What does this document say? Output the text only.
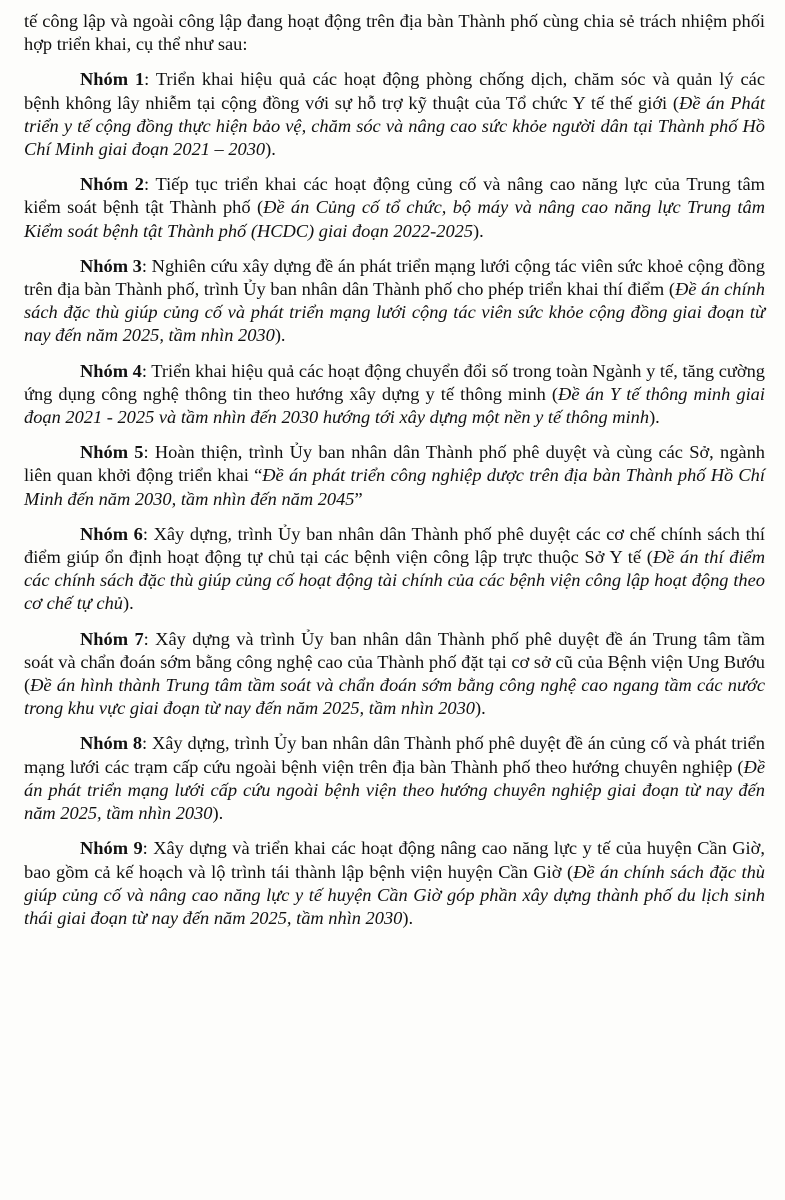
tế công lập và ngoài công lập đang hoạt động trên địa bàn Thành phố cùng chia sẻ trách nhiệm phối hợp triển khai, cụ thể như sau:

Nhóm 1: Triển khai hiệu quả các hoạt động phòng chống dịch, chăm sóc và quản lý các bệnh không lây nhiễm tại cộng đồng với sự hỗ trợ kỹ thuật của Tổ chức Y tế thế giới (Đề án Phát triển y tế cộng đồng thực hiện bảo vệ, chăm sóc và nâng cao sức khỏe người dân tại Thành phố Hồ Chí Minh giai đoạn 2021 – 2030).

Nhóm 2: Tiếp tục triển khai các hoạt động củng cố và nâng cao năng lực của Trung tâm kiểm soát bệnh tật Thành phố (Đề án Củng cố tổ chức, bộ máy và nâng cao năng lực Trung tâm Kiểm soát bệnh tật Thành phố (HCDC) giai đoạn 2022-2025).

Nhóm 3: Nghiên cứu xây dựng đề án phát triển mạng lưới cộng tác viên sức khoẻ cộng đồng trên địa bàn Thành phố, trình Ủy ban nhân dân Thành phố cho phép triển khai thí điểm (Đề án chính sách đặc thù giúp củng cố và phát triển mạng lưới cộng tác viên sức khỏe cộng đồng giai đoạn từ nay đến năm 2025, tầm nhìn 2030).

Nhóm 4: Triển khai hiệu quả các hoạt động chuyển đổi số trong toàn Ngành y tế, tăng cường ứng dụng công nghệ thông tin theo hướng xây dựng y tế thông minh (Đề án Y tế thông minh giai đoạn 2021 - 2025 và tầm nhìn đến 2030 hướng tới xây dựng một nền y tế thông minh).

Nhóm 5: Hoàn thiện, trình Ủy ban nhân dân Thành phố phê duyệt và cùng các Sở, ngành liên quan khởi động triển khai “Đề án phát triển công nghiệp dược trên địa bàn Thành phố Hồ Chí Minh đến năm 2030, tầm nhìn đến năm 2045”

Nhóm 6: Xây dựng, trình Ủy ban nhân dân Thành phố phê duyệt các cơ chế chính sách thí điểm giúp ổn định hoạt động tự chủ tại các bệnh viện công lập trực thuộc Sở Y tế (Đề án thí điểm các chính sách đặc thù giúp củng cố hoạt động tài chính của các bệnh viện công lập hoạt động theo cơ chế tự chủ).

Nhóm 7: Xây dựng và trình Ủy ban nhân dân Thành phố phê duyệt đề án Trung tâm tầm soát và chẩn đoán sớm bằng công nghệ cao của Thành phố đặt tại cơ sở cũ của Bệnh viện Ung Bướu (Đề án hình thành Trung tâm tầm soát và chẩn đoán sớm bằng công nghệ cao ngang tầm các nước trong khu vực giai đoạn từ nay đến năm 2025, tầm nhìn 2030).

Nhóm 8: Xây dựng, trình Ủy ban nhân dân Thành phố phê duyệt đề án củng cố và phát triển mạng lưới các trạm cấp cứu ngoài bệnh viện trên địa bàn Thành phố theo hướng chuyên nghiệp (Đề án phát triển mạng lưới cấp cứu ngoài bệnh viện theo hướng chuyên nghiệp giai đoạn từ nay đến năm 2025, tầm nhìn 2030).

Nhóm 9: Xây dựng và triển khai các hoạt động nâng cao năng lực y tế của huyện Cần Giờ, bao gồm cả kế hoạch và lộ trình tái thành lập bệnh viện huyện Cần Giờ (Đề án chính sách đặc thù giúp củng cố và nâng cao năng lực y tế huyện Cần Giờ góp phần xây dựng thành phố du lịch sinh thái giai đoạn từ nay đến năm 2025, tầm nhìn 2030).
